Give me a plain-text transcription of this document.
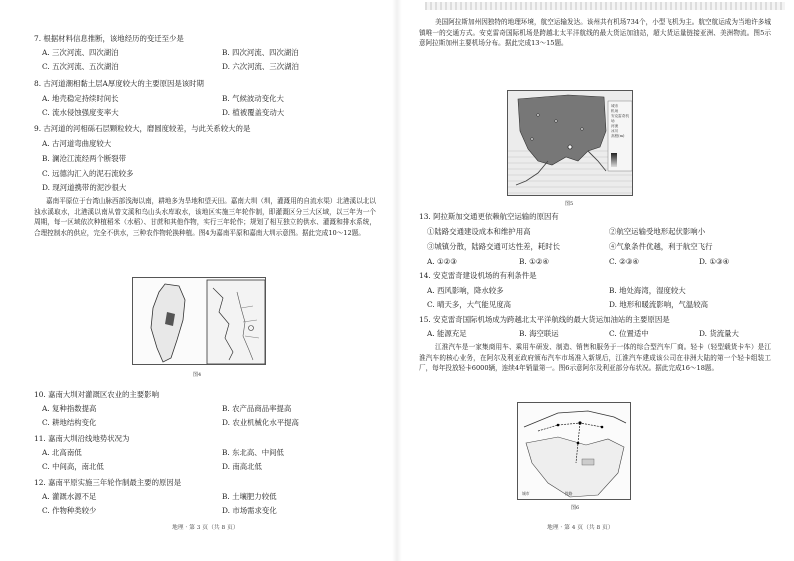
7. 根据材料信息推断，该地经历的变迁至少是
A. 三次河流、四次湖泊	B. 四次河流、四次湖泊
C. 五次河流、五次湖泊	D. 六次河流、三次湖泊
8. 古河道潮相黏土层A厚度较大的主要原因是该时期
A. 地壳稳定持续时间长	B. 气候波动变化大
C. 流水侵蚀强度变率大	D. 植被覆盖变动大
9. 古河道的河相砾石层颗粒较大，磨圆度较差，与此关系较大的是
A. 古河道弯曲度较大
B. 澜沧江流经两个断裂带
C. 远德沟汇入的泥石流较多
D. 现河道携带的泥沙很大
嘉南平原位于台湾山脉西部浅海以南，耕地多为旱地和望天田。嘉南大圳（圳，灌溉用的自流水渠）北港溪以北以浊水溪取水，北港溪以南从曾文溪和乌山头水库取水，该地区实施三年轮作制，即灌溉区分三大区域，以三年为一个周期，每一区域依次种植稻米（水稻）、甘蔗和其他作物，实行三年轮作；规划了相互独立的供水、灌溉和排水系统，合理控制水的供应，完全不供水，三种农作物轮换种植。图4为嘉南平原和嘉南大圳示意图。据此完成10～12题。
图4
10. 嘉南大圳对灌溉区农业的主要影响
A. 复种指数提高	B. 农产品商品率提高
C. 耕地结构变化	D. 农业机械化水平提高
11. 嘉南大圳沿线地势状况为
A. 北高南低	B. 东北高、中间低
C. 中间高，南北低	D. 南高北低
12. 嘉南平原实施三年轮作制最主要的原因是
A. 灌溉水源不足	B. 土壤肥力较低
C. 作物种类较少	D. 市场需求变化
地理 · 第 3 页（共 8 页）
美国阿拉斯加州因独特的地理环境，航空运输发达。该州共有机场734个，小型飞机为主。航空航运成为当地许多城镇唯一的交通方式。安克雷奇国际机场是跨越北太平洋航线的最大货运加油站，超大货运量链接亚洲、美洲物流。图5示意阿拉斯加州主要机场分布。据此完成13～15题。
城市
机场
安克雷奇机场
河流
冰川
高程(m)
图5
13. 阿拉斯加交通更依赖航空运输的原因有
①陆路交通建设成本和维护用高	②航空运输受地形起伏影响小
③城镇分散，陆路交通可达性差，耗时长	④气象条件优越，利于航空飞行
A. ①②③	B. ①②④	C. ②③④	D. ①③④
14. 安克雷奇建设机场的有利条件是
A. 西风影响，降水较多	B. 地处海湾，湿度较大
C. 晴天多，大气能见度高	D. 地形和暖流影响，气温较高
15. 安克雷奇国际机场成为跨越北太平洋航线的最大货运加油站的主要原因是
A. 能源充足	B. 海空联运	C. 位置适中	D. 货流量大
江淮汽车是一家集商用车、乘用车研发、制造、销售和服务于一体的综合型汽车厂商。轻卡（轻型载货卡车）是江淮汽车的核心业务，在阿尔及利亚政府颁布汽车市场准入新规后，江淮汽车建成该公司在非洲大陆的第一个轻卡组装工厂，每年投放轻卡6000辆，连续4年销量第一。图6示意阿尔及利亚部分布状况。据此完成16～18题。
城市	铁路
图6
地理 · 第 4 页（共 8 页）
